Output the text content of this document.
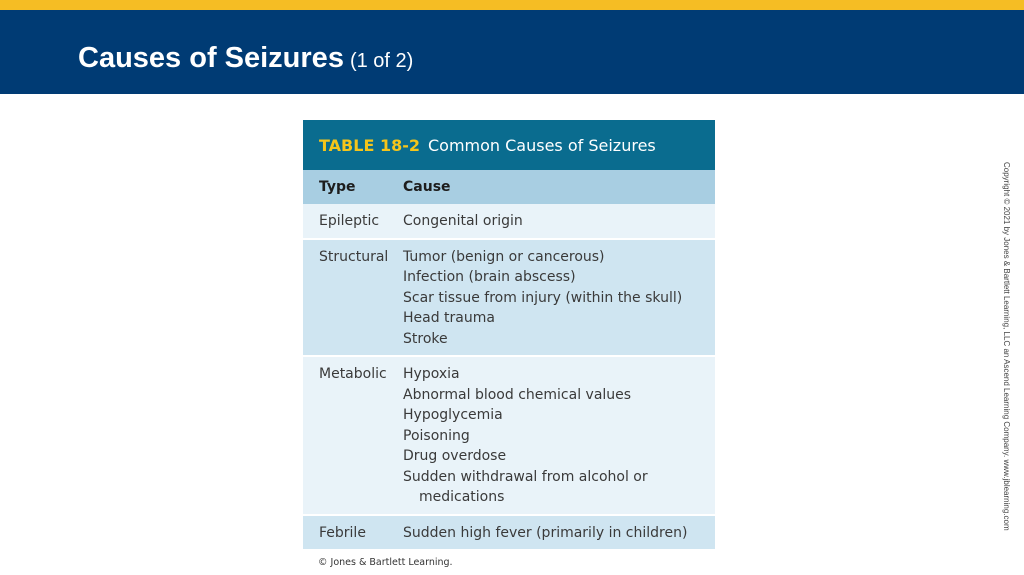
Causes of Seizures (1 of 2)
TABLE 18-2 Common Causes of Seizures
Type	Cause
Epileptic	Congenital origin
Structural	Tumor (benign or cancerous)
Infection (brain abscess)
Scar tissue from injury (within the skull)
Head trauma
Stroke
Metabolic	Hypoxia
Abnormal blood chemical values
Hypoglycemia
Poisoning
Drug overdose
Sudden withdrawal from alcohol or
medications
Febrile	Sudden high fever (primarily in children)
© Jones & Bartlett Learning.
Copyright © 2021 by Jones & Bartlett Learning, LLC an Ascend Learning Company. www.jblearning.com
